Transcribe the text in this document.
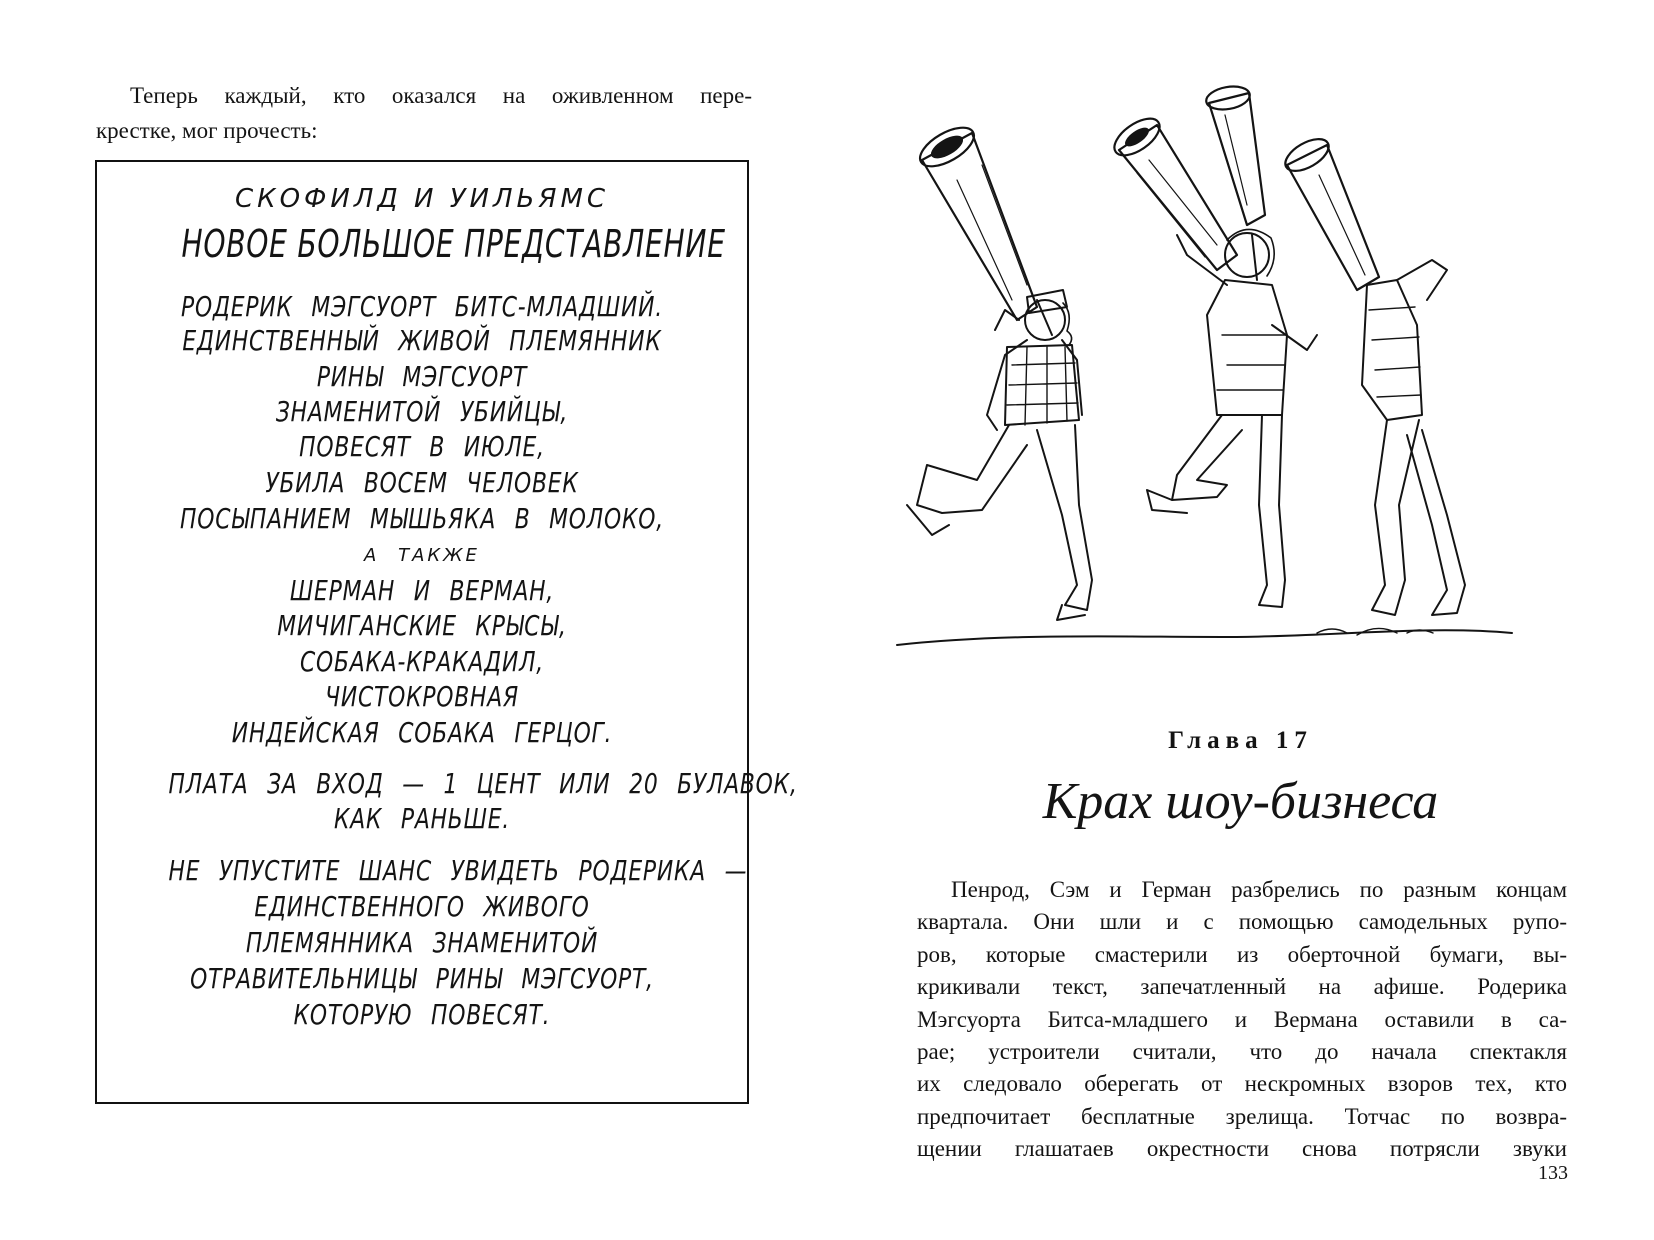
Теперь каждый, кто оказался на оживленном пере-
крестке, мог прочесть:
СКОФИЛД И УИЛЬЯМС
НОВОЕ БОЛЬШОЕ ПРЕДСТАВЛЕНИЕ
РОДЕРИК МЭГСУОРТ БИТС-МЛАДШИЙ.
ЕДИНСТВЕННЫЙ ЖИВОЙ ПЛЕМЯННИК
РИНЫ МЭГСУОРТ
ЗНАМЕНИТОЙ УБИЙЦЫ,
ПОВЕСЯТ В ИЮЛЕ,
УБИЛА ВОСЕМ ЧЕЛОВЕК
ПОСЫПАНИЕМ МЫШЬЯКА В МОЛОКО,
А ТАКЖЕ
ШЕРМАН И ВЕРМАН,
МИЧИГАНСКИЕ КРЫСЫ,
СОБАКА-КРАКАДИЛ,
ЧИСТОКРОВНАЯ
ИНДЕЙСКАЯ СОБАКА ГЕРЦОГ.
ПЛАТА ЗА ВХОД — 1 ЦЕНТ ИЛИ 20 БУЛАВОК,
КАК РАНЬШЕ.
НЕ УПУСТИТЕ ШАНС УВИДЕТЬ РОДЕРИКА —
ЕДИНСТВЕННОГО ЖИВОГО
ПЛЕМЯННИКА ЗНАМЕНИТОЙ
ОТРАВИТЕЛЬНИЦЫ РИНЫ МЭГСУОРТ,
КОТОРУЮ ПОВЕСЯТ.
Глава 17
Крах шоу-бизнеса
Пенрод, Сэм и Герман разбрелись по разным концам
квартала. Они шли и с помощью самодельных рупо-
ров, которые смастерили из оберточной бумаги, вы-
крикивали текст, запечатленный на афише. Родерика
Мэгсуорта Битса-младшего и Вермана оставили в са-
рае; устроители считали, что до начала спектакля
их следовало оберегать от нескромных взоров тех, кто
предпочитает бесплатные зрелища. Тотчас по возвра-
щении глашатаев окрестности снова потрясли звуки
133
